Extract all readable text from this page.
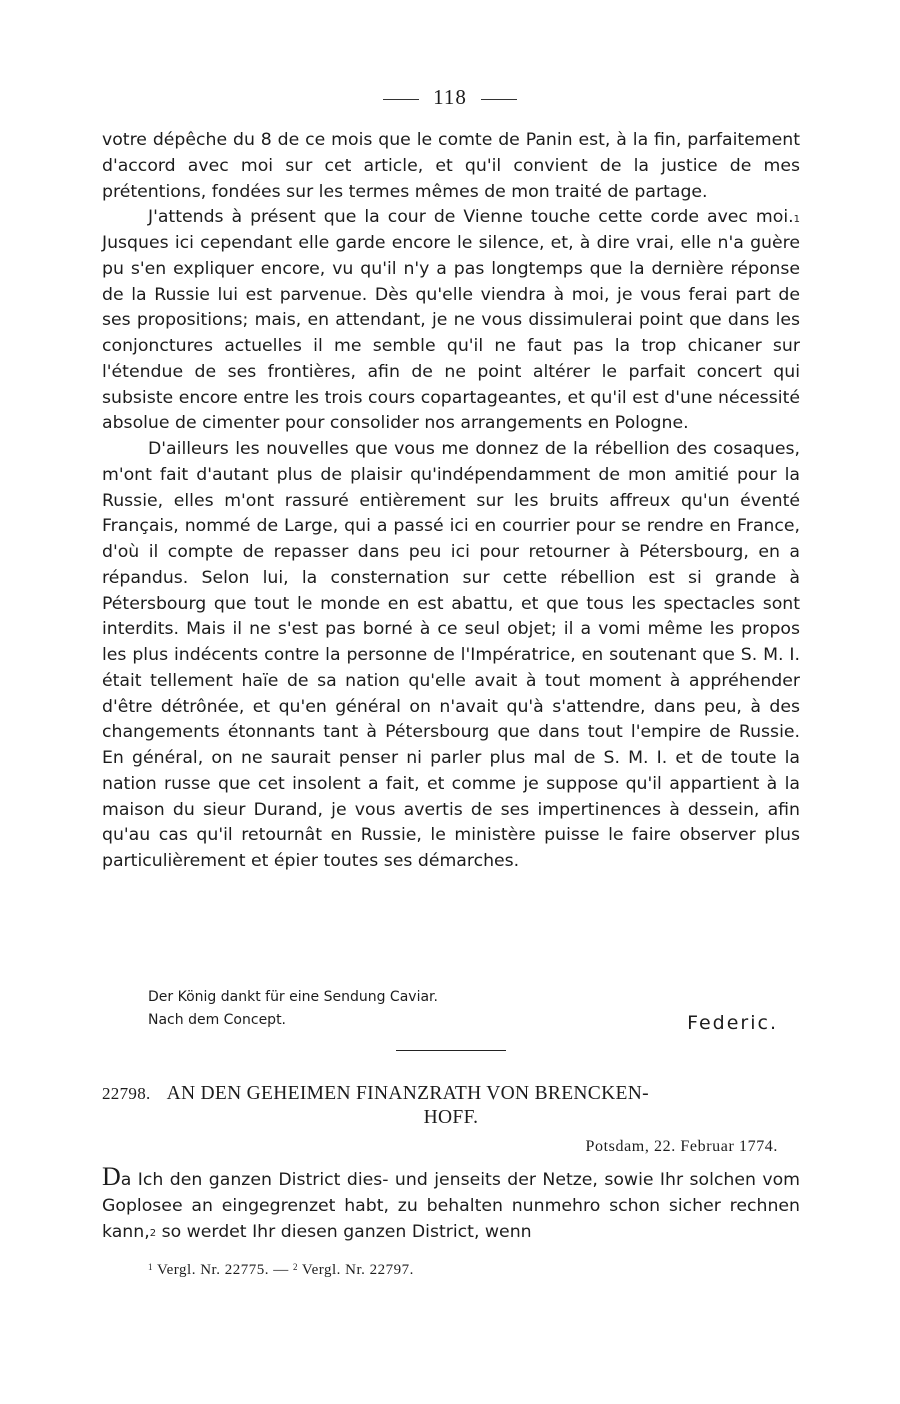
118

votre dépêche du 8 de ce mois que le comte de Panin est, à la fin, parfaitement d'accord avec moi sur cet article, et qu'il convient de la justice de mes prétentions, fondées sur les termes mêmes de mon traité de partage.

J'attends à présent que la cour de Vienne touche cette corde avec moi.$^1$ Jusques ici cependant elle garde encore le silence, et, à dire vrai, elle n'a guère pu s'en expliquer encore, vu qu'il n'y a pas longtemps que la dernière réponse de la Russie lui est parvenue. Dès qu'elle viendra à moi, je vous ferai part de ses propositions; mais, en attendant, je ne vous dissimulerai point que dans les conjonctures actuelles il me semble qu'il ne faut pas la trop chicaner sur l'étendue de ses frontières, afin de ne point altérer le parfait concert qui subsiste encore entre les trois cours copartageantes, et qu'il est d'une nécessité absolue de cimenter pour consolider nos arrangements en Pologne.

D'ailleurs les nouvelles que vous me donnez de la rébellion des cosaques, m'ont fait d'autant plus de plaisir qu'indépendamment de mon amitié pour la Russie, elles m'ont rassuré entièrement sur les bruits affreux qu'un éventé Français, nommé de Large, qui a passé ici en courrier pour se rendre en France, d'où il compte de repasser dans peu ici pour retourner à Pétersbourg, en a répandus. Selon lui, la consternation sur cette rébellion est si grande à Pétersbourg que tout le monde en est abattu, et que tous les spectacles sont interdits. Mais il ne s'est pas borné à ce seul objet; il a vomi même les propos les plus indécents contre la personne de l'Impératrice, en soutenant que S. M. I. était tellement haïe de sa nation qu'elle avait à tout moment à appréhender d'être détrônée, et qu'en général on n'avait qu'à s'attendre, dans peu, à des changements étonnants tant à Pétersbourg que dans tout l'empire de Russie. En général, on ne saurait penser ni parler plus mal de S. M. I. et de toute la nation russe que cet insolent a fait, et comme je suppose qu'il appartient à la maison du sieur Durand, je vous avertis de ses impertinences à dessein, afin qu'au cas qu'il retournât en Russie, le ministère puisse le faire observer plus particulièrement et épier toutes ses démarches.

Der König dankt für eine Sendung Caviar.
Nach dem Concept.	Federic.
22798. AN DEN GEHEIMEN FINANZRATH VON BRENCKEN-
HOFF.
Potsdam, 22. Februar 1774.
Da Ich den ganzen District dies- und jenseits der Netze, sowie Ihr solchen vom Goplosee an eingegrenzet habt, zu behalten nunmehro schon sicher rechnen kann,$^2$ so werdet Ihr diesen ganzen District, wenn
$^1$ Vergl. Nr. 22775. — $^2$ Vergl. Nr. 22797.
